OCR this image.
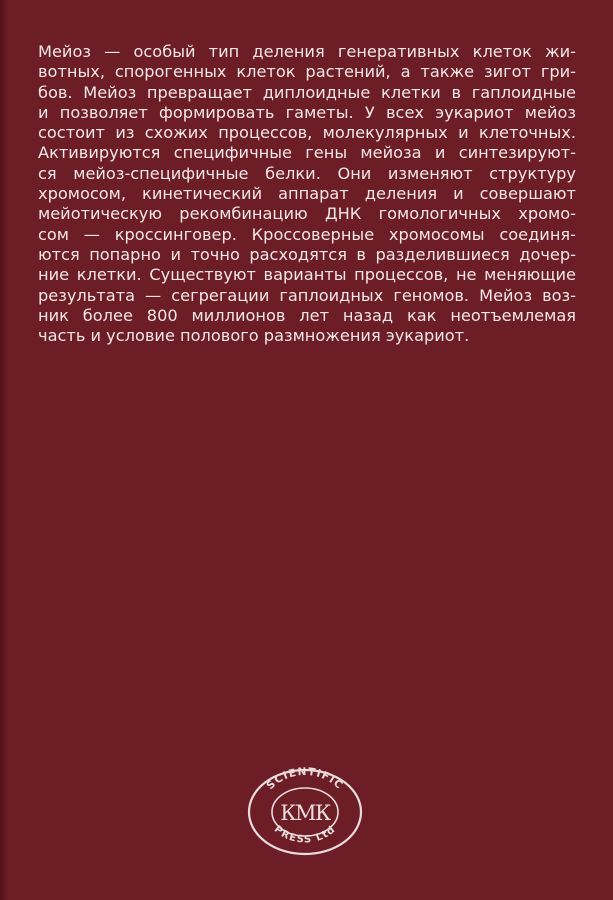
Мейоз — особый тип деления генеративных клеток жи-
вотных, спорогенных клеток растений, а также зигот гри-
бов. Мейоз превращает диплоидные клетки в гаплоидные
и позволяет формировать гаметы. У всех эукариот мейоз
состоит из схожих процессов, молекулярных и клеточных.
Активируются специфичные гены мейоза и синтезируют-
ся мейоз-специфичные белки. Они изменяют структуру
хромосом, кинетический аппарат деления и совершают
мейотическую рекомбинацию ДНК гомологичных хромо-
сом — кроссинговер. Кроссоверные хромосомы соединя-
ются попарно и точно расходятся в разделившиеся дочер-
ние клетки. Существуют варианты процессов, не меняющие
результата — сегрегации гаплоидных геномов. Мейоз воз-
ник более 800 миллионов лет назад как неотъемлемая
часть и условие полового размножения эукариот.

SCIENTIFIC
PRESS Ltd
КМК
